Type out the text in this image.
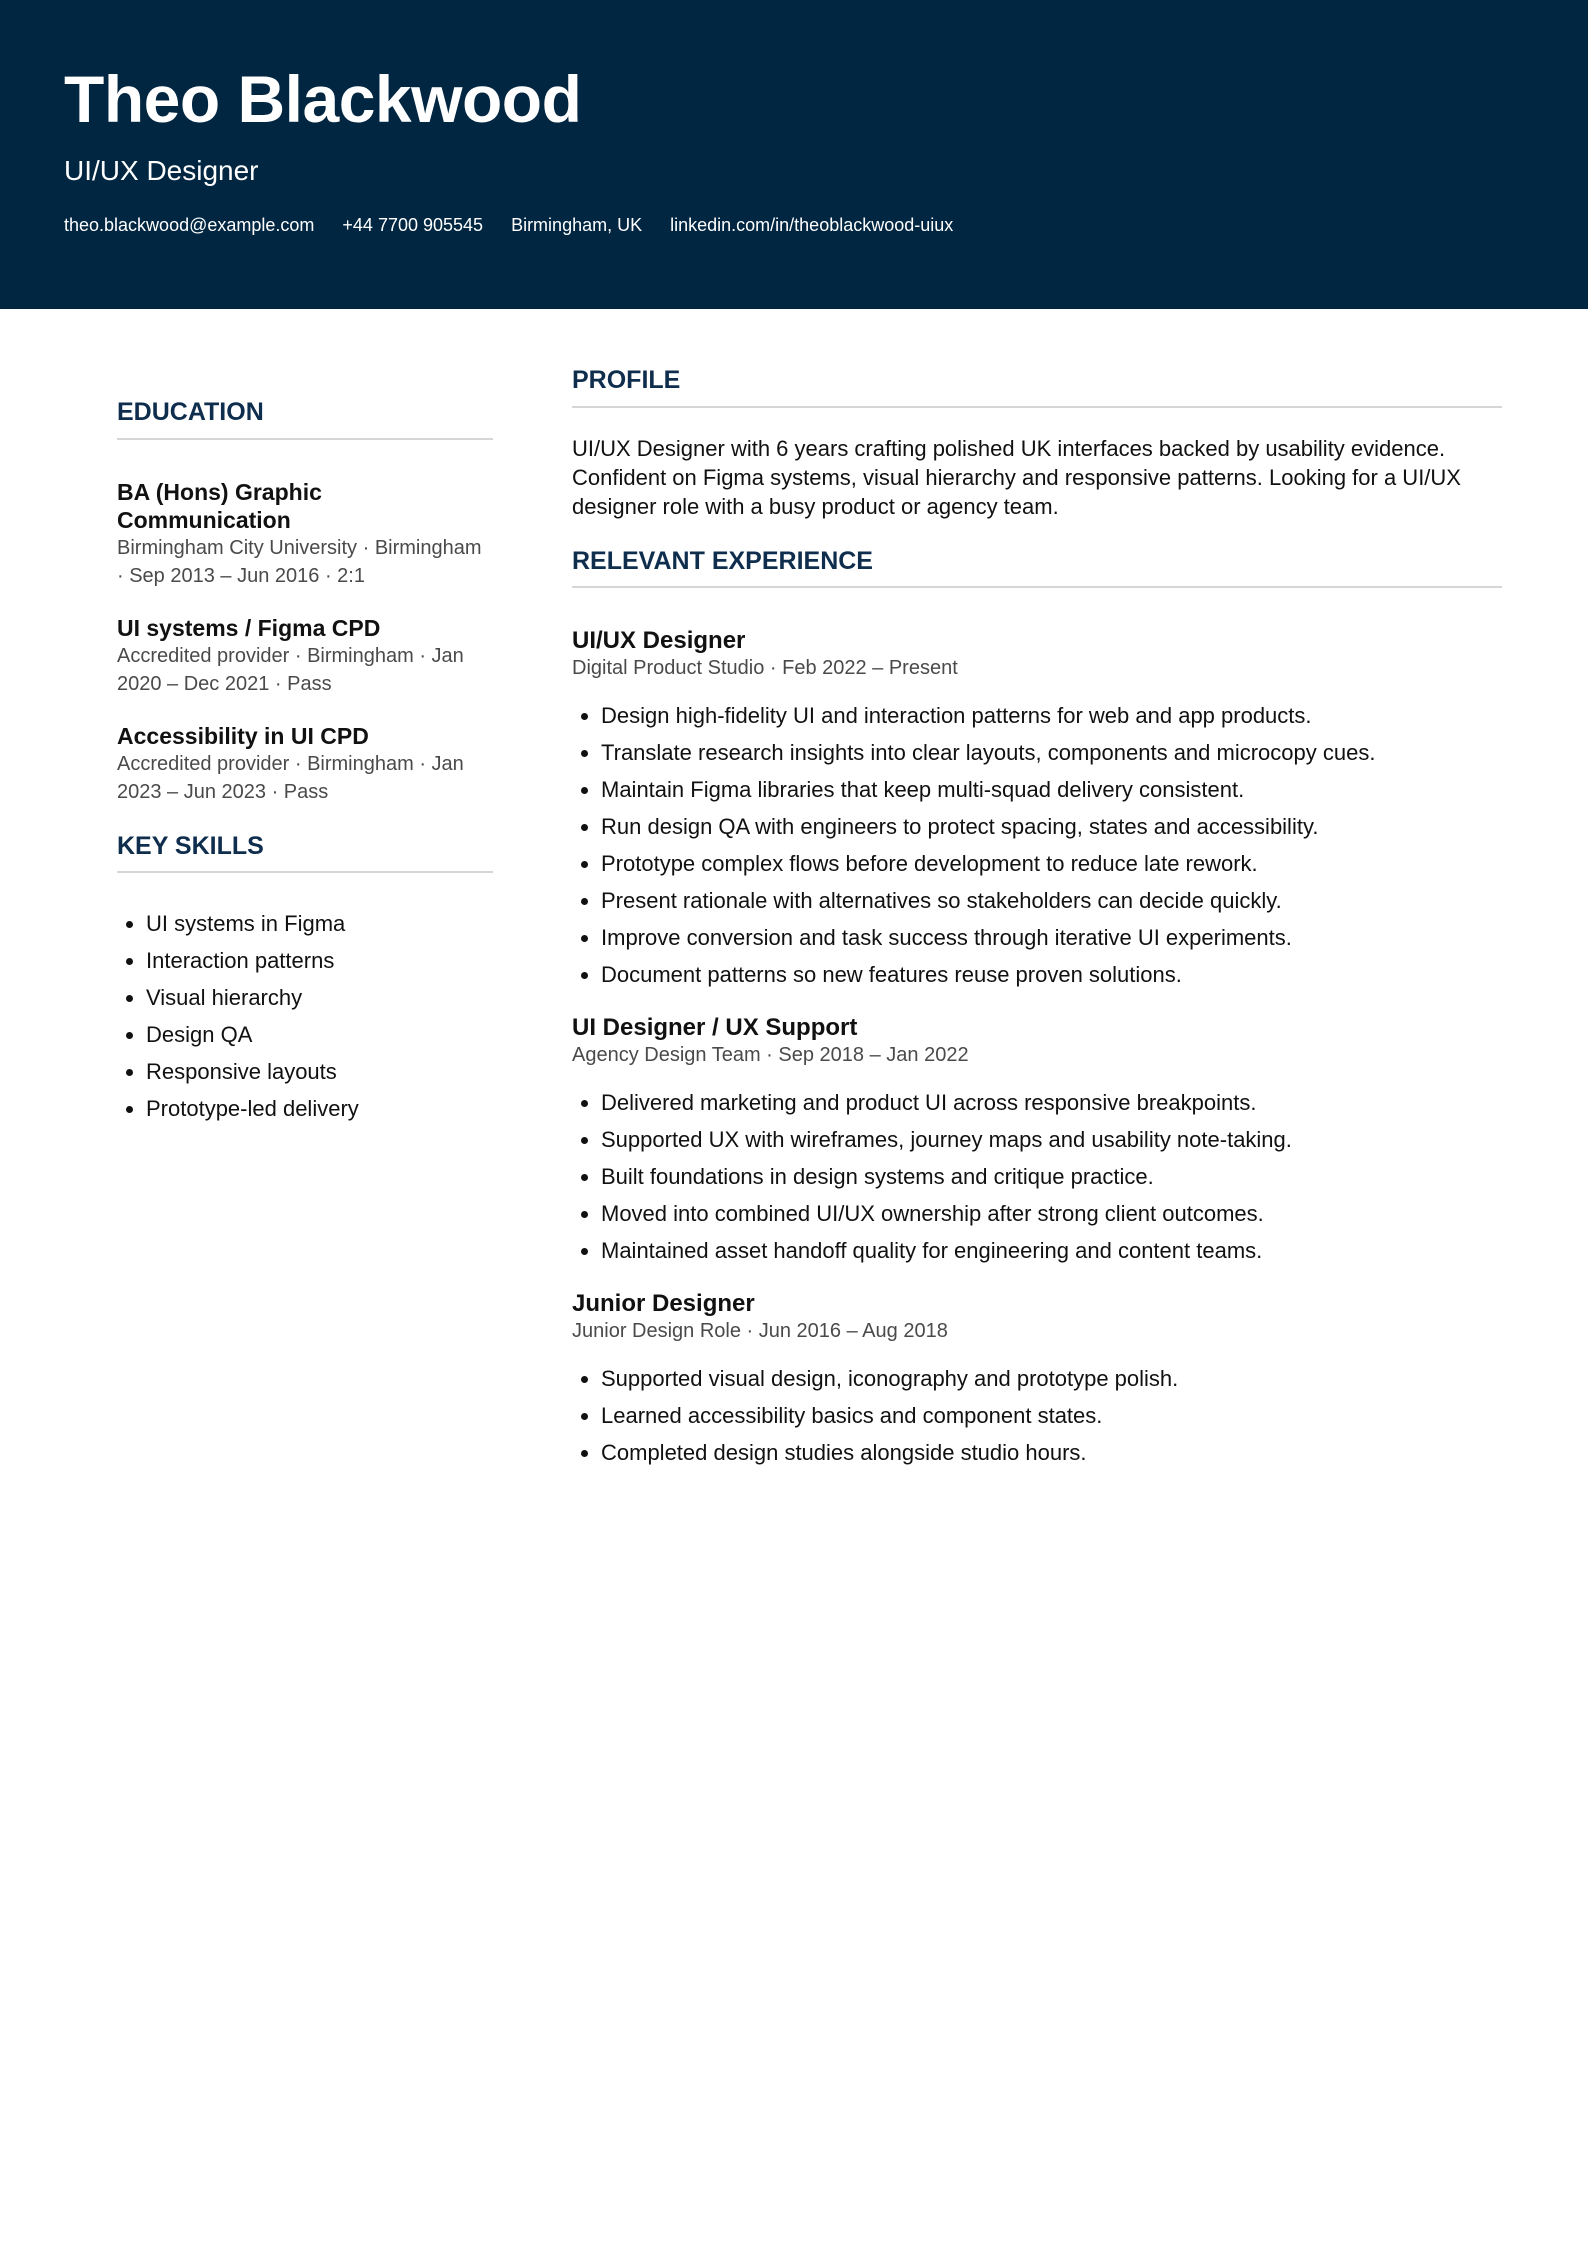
Theo Blackwood
UI/UX Designer
theo.blackwood@example.com +44 7700 905545 Birmingham, UK linkedin.com/in/theoblackwood-uiux
EDUCATION
BA (Hons) Graphic Communication
Birmingham City University · Birmingham · Sep 2013 – Jun 2016 · 2:1
UI systems / Figma CPD
Accredited provider · Birmingham · Jan 2020 – Dec 2021 · Pass
Accessibility in UI CPD
Accredited provider · Birmingham · Jan 2023 – Jun 2023 · Pass
KEY SKILLS
• UI systems in Figma
• Interaction patterns
• Visual hierarchy
• Design QA
• Responsive layouts
• Prototype-led delivery
PROFILE

UI/UX Designer with 6 years crafting polished UK interfaces backed by usability evidence. Confident on Figma systems, visual hierarchy and responsive patterns. Looking for a UI/UX designer role with a busy product or agency team.

RELEVANT EXPERIENCE
UI/UX Designer
Digital Product Studio · Feb 2022 – Present
• Design high-fidelity UI and interaction patterns for web and app products.
• Translate research insights into clear layouts, components and microcopy cues.
• Maintain Figma libraries that keep multi-squad delivery consistent.
• Run design QA with engineers to protect spacing, states and accessibility.
• Prototype complex flows before development to reduce late rework.
• Present rationale with alternatives so stakeholders can decide quickly.
• Improve conversion and task success through iterative UI experiments.
• Document patterns so new features reuse proven solutions.
UI Designer / UX Support
Agency Design Team · Sep 2018 – Jan 2022
• Delivered marketing and product UI across responsive breakpoints.
• Supported UX with wireframes, journey maps and usability note-taking.
• Built foundations in design systems and critique practice.
• Moved into combined UI/UX ownership after strong client outcomes.
• Maintained asset handoff quality for engineering and content teams.
Junior Designer
Junior Design Role · Jun 2016 – Aug 2018
• Supported visual design, iconography and prototype polish.
• Learned accessibility basics and component states.
• Completed design studies alongside studio hours.
